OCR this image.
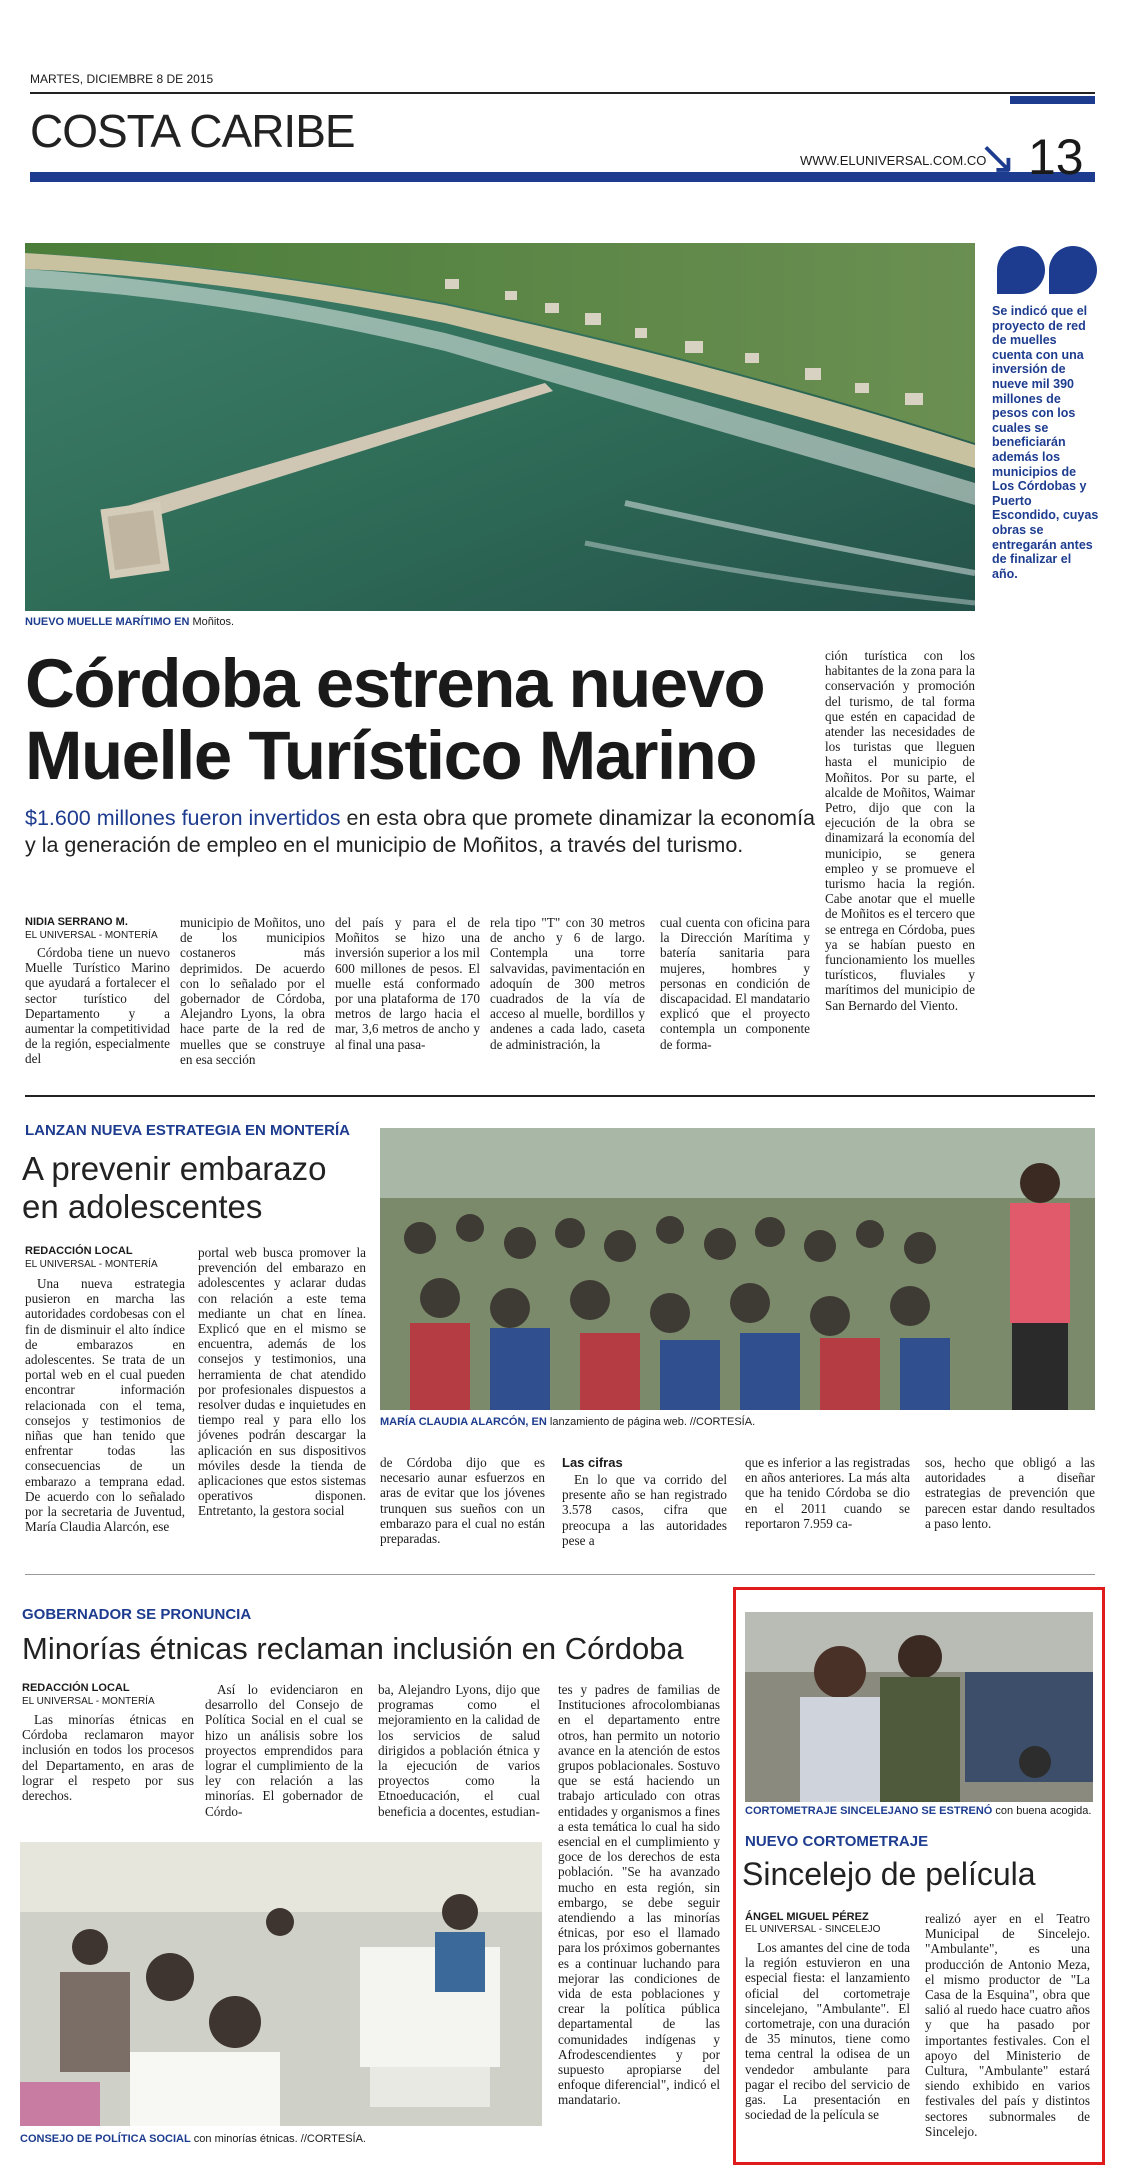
MARTES, DICIEMBRE 8 DE 2015
COSTA CARIBE
WWW.ELUNIVERSAL.COM.CO
↘ 13
NUEVO MUELLE MARÍTIMO EN Moñitos.
Se indicó que el proyecto de red de muelles cuenta con una inversión de nueve mil 390 millones de pesos con los cuales se beneficiarán además los municipios de Los Córdobas y Puerto Escondido, cuyas obras se entregarán antes de finalizar el año.
Córdoba estrena nuevo
Muelle Turístico Marino
$1.600 millones fueron invertidos en esta obra que promete dinamizar la economía y la generación de empleo en el municipio de Moñitos, a través del turismo.
NIDIA SERRANO M.
EL UNIVERSAL - MONTERÍA

Córdoba tiene un nuevo Muelle Turístico Marino que ayudará a fortalecer el sector turístico del Departamento y a aumentar la competitividad de la región, especialmente del

municipio de Moñitos, uno de los municipios costaneros más deprimidos. De acuerdo con lo señalado por el gobernador de Córdoba, Alejandro Lyons, la obra hace parte de la red de muelles que se construye en esa sección

del país y para el de Moñitos se hizo una inversión superior a los mil 600 millones de pesos. El muelle está conformado por una plataforma de 170 metros de largo hacia el mar, 3,6 metros de ancho y al final una pasa-

rela tipo "T" con 30 metros de ancho y 6 de largo. Contempla una torre salvavidas, pavimentación en adoquín de 300 metros cuadrados de la vía de acceso al muelle, bordillos y andenes a cada lado, caseta de administración, la

cual cuenta con oficina para la Dirección Marítima y batería sanitaria para mujeres, hombres y personas en condición de discapacidad. El mandatario explicó que el proyecto contempla un componente de forma-

ción turística con los habitantes de la zona para la conservación y promoción del turismo, de tal forma que estén en capacidad de atender las necesidades de los turistas que lleguen hasta el municipio de Moñitos. Por su parte, el alcalde de Moñitos, Waimar Petro, dijo que con la ejecución de la obra se dinamizará la economía del municipio, se genera empleo y se promueve el turismo hacia la región. Cabe anotar que el muelle de Moñitos es el tercero que se entrega en Córdoba, pues ya se habían puesto en funcionamiento los muelles turísticos, fluviales y marítimos del municipio de San Bernardo del Viento.

LANZAN NUEVA ESTRATEGIA EN MONTERÍA
A prevenir embarazo en adolescentes
REDACCIÓN LOCAL
EL UNIVERSAL - MONTERÍA

Una nueva estrategia pusieron en marcha las autoridades cordobesas con el fin de disminuir el alto índice de embarazos en adolescentes. Se trata de un portal web en el cual pueden encontrar información relacionada con el tema, consejos y testimonios de niñas que han tenido que enfrentar todas las consecuencias de un embarazo a temprana edad. De acuerdo con lo señalado por la secretaria de Juventud, María Claudia Alarcón, ese

portal web busca promover la prevención del embarazo en adolescentes y aclarar dudas con relación a este tema mediante un chat en línea. Explicó que en el mismo se encuentra, además de los consejos y testimonios, una herramienta de chat atendido por profesionales dispuestos a resolver dudas e inquietudes en tiempo real y para ello los jóvenes podrán descargar la aplicación en sus dispositivos móviles desde la tienda de aplicaciones que estos sistemas operativos disponen. Entretanto, la gestora social

MARÍA CLAUDIA ALARCÓN, EN lanzamiento de página web. //CORTESÍA.

de Córdoba dijo que es necesario aunar esfuerzos en aras de evitar que los jóvenes trunquen sus sueños con un embarazo para el cual no están preparadas.

Las cifras

En lo que va corrido del presente año se han registrado 3.578 casos, cifra que preocupa a las autoridades pese a

que es inferior a las registradas en años anteriores. La más alta que ha tenido Córdoba se dio en el 2011 cuando se reportaron 7.959 ca-

sos, hecho que obligó a las autoridades a diseñar estrategias de prevención que parecen estar dando resultados a paso lento.

GOBERNADOR SE PRONUNCIA
Minorías étnicas reclaman inclusión en Córdoba
REDACCIÓN LOCAL
EL UNIVERSAL - MONTERÍA

Las minorías étnicas en Córdoba reclamaron mayor inclusión en todos los procesos del Departamento, en aras de lograr el respeto por sus derechos.

Así lo evidenciaron en desarrollo del Consejo de Política Social en el cual se hizo un análisis sobre los proyectos emprendidos para lograr el cumplimiento de la ley con relación a las minorías. El gobernador de Córdo-

ba, Alejandro Lyons, dijo que programas como el mejoramiento en la calidad de los servicios de salud dirigidos a población étnica y la ejecución de varios proyectos como la Etnoeducación, el cual beneficia a docentes, estudian-

tes y padres de familias de Instituciones afrocolombianas en el departamento entre otros, han permito un notorio avance en la atención de estos grupos poblacionales. Sostuvo que se está haciendo un trabajo articulado con otras entidades y organismos a fines a esta temática lo cual ha sido esencial en el cumplimiento y goce de los derechos de esta población. "Se ha avanzado mucho en esta región, sin embargo, se debe seguir atendiendo a las minorías étnicas, por eso el llamado para los próximos gobernantes es a continuar luchando para mejorar las condiciones de vida de esta poblaciones y crear la política pública departamental de las comunidades indígenas y Afrodescendientes y por supuesto apropiarse del enfoque diferencial", indicó el mandatario.

CONSEJO DE POLÍTICA SOCIAL con minorías étnicas. //CORTESÍA.
CORTOMETRAJE SINCELEJANO SE ESTRENÓ con buena acogida.
NUEVO CORTOMETRAJE
Sincelejo de película
ÁNGEL MIGUEL PÉREZ
EL UNIVERSAL - SINCELEJO

Los amantes del cine de toda la región estuvieron en una especial fiesta: el lanzamiento oficial del cortometraje sincelejano, "Ambulante". El cortometraje, con una duración de 35 minutos, tiene como tema central la odisea de un vendedor ambulante para pagar el recibo del servicio de gas. La presentación en sociedad de la película se

realizó ayer en el Teatro Municipal de Sincelejo. "Ambulante", es una producción de Antonio Meza, el mismo productor de "La Casa de la Esquina", obra que salió al ruedo hace cuatro años y que ha pasado por importantes festivales. Con el apoyo del Ministerio de Cultura, "Ambulante" estará siendo exhibido en varios festivales del país y distintos sectores subnormales de Sincelejo.
